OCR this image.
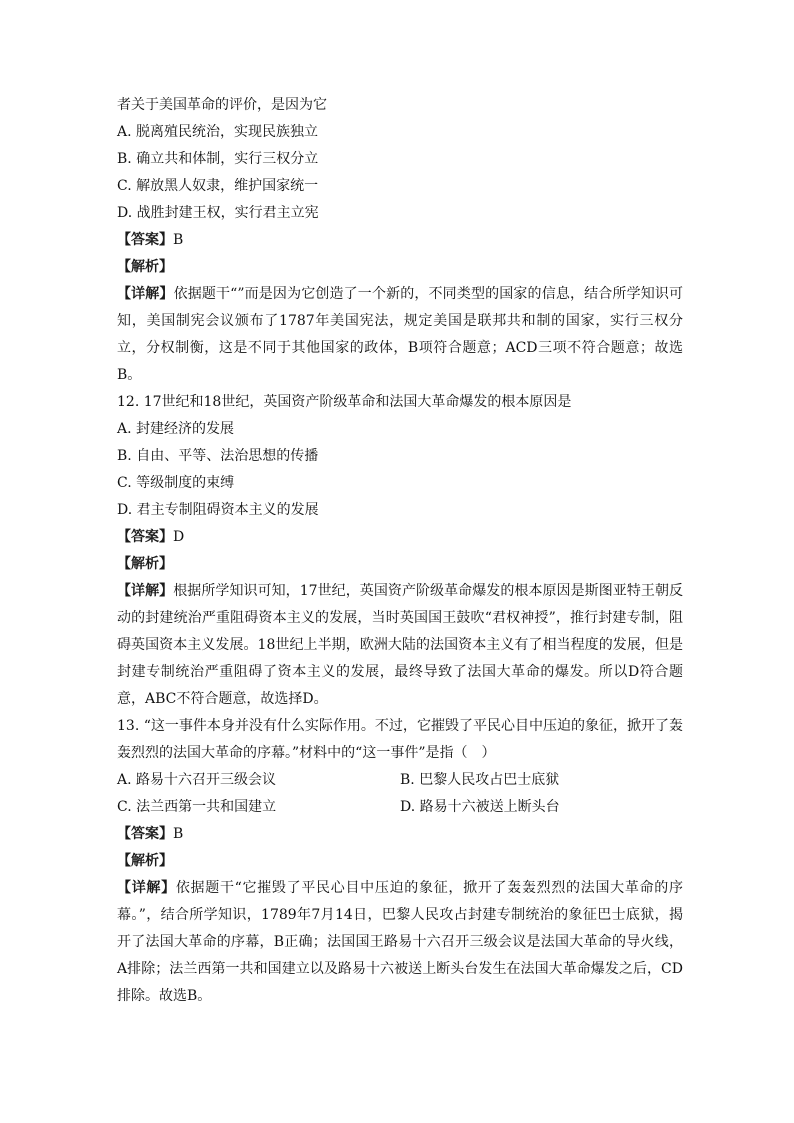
者关于美国革命的评价，是因为它
A. 脱离殖民统治，实现民族独立
B. 确立共和体制，实行三权分立
C. 解放黑人奴隶，维护国家统一
D. 战胜封建王权，实行君主立宪
【答案】B
【解析】
【详解】依据题干“”而是因为它创造了一个新的，不同类型的国家的信息，结合所学知识可知，美国制宪会议颁布了1787年美国宪法，规定美国是联邦共和制的国家，实行三权分立，分权制衡，这是不同于其他国家的政体，B项符合题意；ACD三项不符合题意；故选B。
12. 17世纪和18世纪，英国资产阶级革命和法国大革命爆发的根本原因是
A. 封建经济的发展
B. 自由、平等、法治思想的传播
C. 等级制度的束缚
D. 君主专制阻碍资本主义的发展
【答案】D
【解析】
【详解】根据所学知识可知，17世纪，英国资产阶级革命爆发的根本原因是斯图亚特王朝反动的封建统治严重阻碍资本主义的发展，当时英国国王鼓吹“君权神授”，推行封建专制，阻碍英国资本主义发展。18世纪上半期，欧洲大陆的法国资本主义有了相当程度的发展，但是封建专制统治严重阻碍了资本主义的发展，最终导致了法国大革命的爆发。所以D符合题意，ABC不符合题意，故选择D。
13. “这一事件本身并没有什么实际作用。不过，它摧毁了平民心目中压迫的象征，掀开了轰轰烈烈的法国大革命的序幕。”材料中的“这一事件”是指（　）
A. 路易十六召开三级会议	B. 巴黎人民攻占巴士底狱
C. 法兰西第一共和国建立	D. 路易十六被送上断头台
【答案】B
【解析】
【详解】依据题干“它摧毁了平民心目中压迫的象征，掀开了轰轰烈烈的法国大革命的序幕。”，结合所学知识，1789年7月14日，巴黎人民攻占封建专制统治的象征巴士底狱，揭开了法国大革命的序幕，B正确；法国国王路易十六召开三级会议是法国大革命的导火线，A排除；法兰西第一共和国建立以及路易十六被送上断头台发生在法国大革命爆发之后，CD排除。故选B。
